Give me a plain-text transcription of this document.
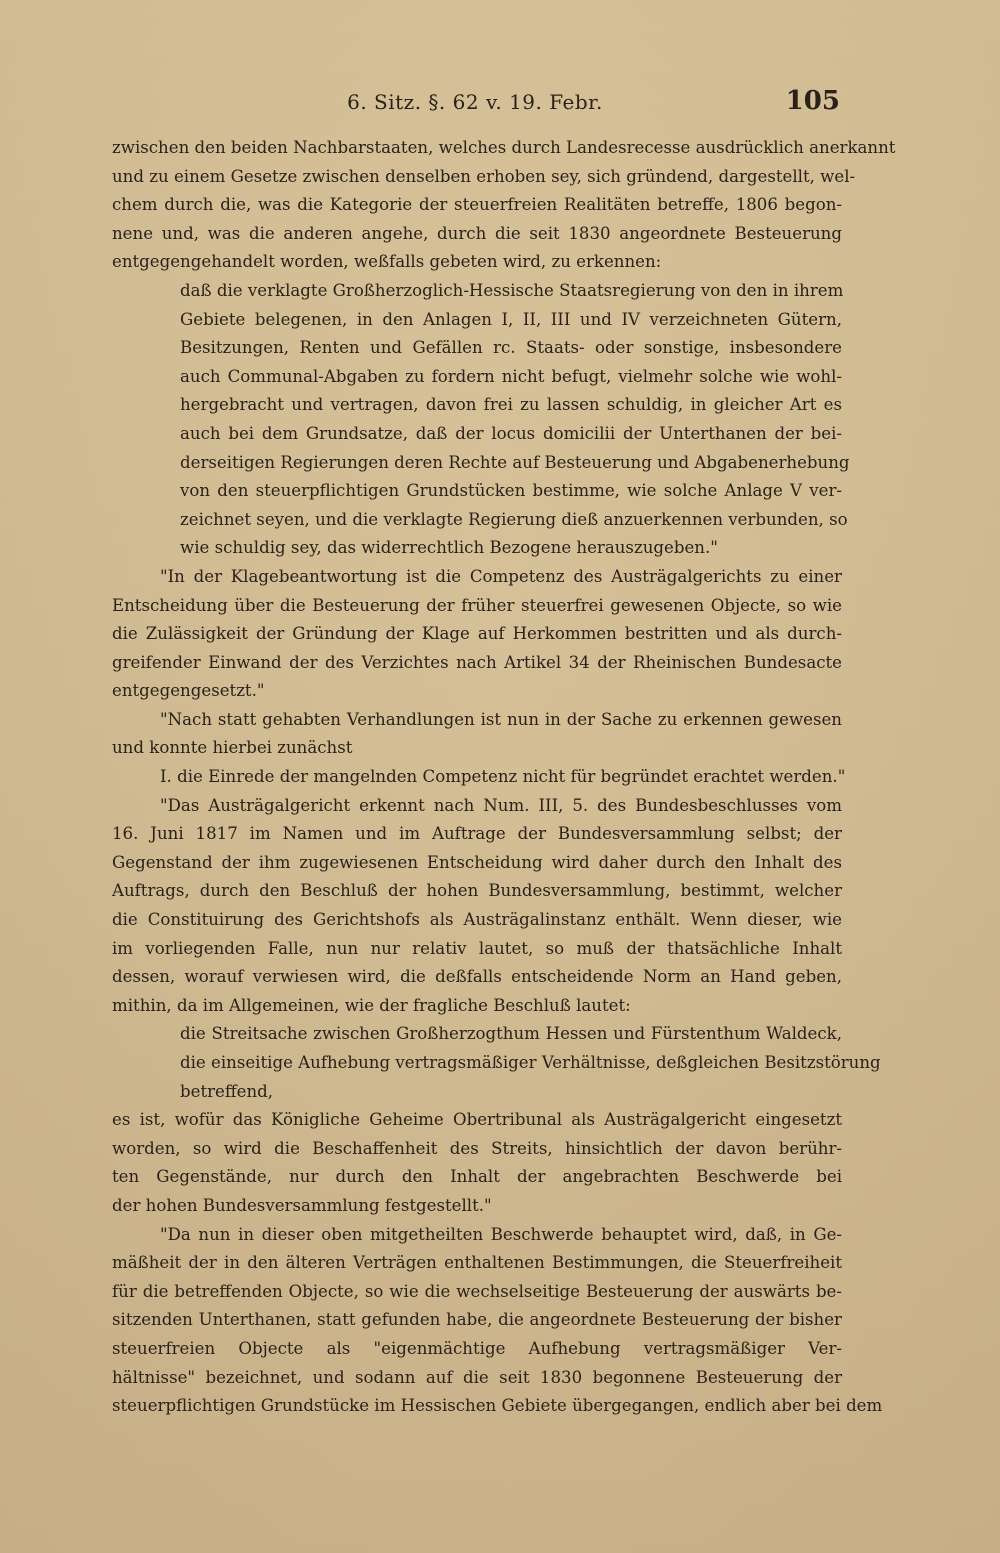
6. Sitz. §. 62 v. 19. Febr.	105
zwischen den beiden Nachbarstaaten, welches durch Landesrecesse ausdrücklich anerkannt
und zu einem Gesetze zwischen denselben erhoben sey, sich gründend, dargestellt, wel-
chem durch die, was die Kategorie der steuerfreien Realitäten betreffe, 1806 begon-
nene und, was die anderen angehe, durch die seit 1830 angeordnete Besteuerung
entgegengehandelt worden, weßfalls gebeten wird, zu erkennen:
daß die verklagte Großherzoglich-Hessische Staatsregierung von den in ihrem
Gebiete belegenen, in den Anlagen I, II, III und IV verzeichneten Gütern,
Besitzungen, Renten und Gefällen rc. Staats- oder sonstige, insbesondere
auch Communal-Abgaben zu fordern nicht befugt, vielmehr solche wie wohl-
hergebracht und vertragen, davon frei zu lassen schuldig, in gleicher Art es
auch bei dem Grundsatze, daß der locus domicilii der Unterthanen der bei-
derseitigen Regierungen deren Rechte auf Besteuerung und Abgabenerhebung
von den steuerpflichtigen Grundstücken bestimme, wie solche Anlage V ver-
zeichnet seyen, und die verklagte Regierung dieß anzuerkennen verbunden, so
wie schuldig sey, das widerrechtlich Bezogene herauszugeben."
"In der Klagebeantwortung ist die Competenz des Austrägalgerichts zu einer
Entscheidung über die Besteuerung der früher steuerfrei gewesenen Objecte, so wie
die Zulässigkeit der Gründung der Klage auf Herkommen bestritten und als durch-
greifender Einwand der des Verzichtes nach Artikel 34 der Rheinischen Bundesacte
entgegengesetzt."
"Nach statt gehabten Verhandlungen ist nun in der Sache zu erkennen gewesen
und konnte hierbei zunächst
I. die Einrede der mangelnden Competenz nicht für begründet erachtet werden."
"Das Austrägalgericht erkennt nach Num. III, 5. des Bundesbeschlusses vom
16. Juni 1817 im Namen und im Auftrage der Bundesversammlung selbst; der
Gegenstand der ihm zugewiesenen Entscheidung wird daher durch den Inhalt des
Auftrags, durch den Beschluß der hohen Bundesversammlung, bestimmt, welcher
die Constituirung des Gerichtshofs als Austrägalinstanz enthält. Wenn dieser, wie
im vorliegenden Falle, nun nur relativ lautet, so muß der thatsächliche Inhalt
dessen, worauf verwiesen wird, die deßfalls entscheidende Norm an Hand geben,
mithin, da im Allgemeinen, wie der fragliche Beschluß lautet:
die Streitsache zwischen Großherzogthum Hessen und Fürstenthum Waldeck,
die einseitige Aufhebung vertragsmäßiger Verhältnisse, deßgleichen Besitzstörung
betreffend,
es ist, wofür das Königliche Geheime Obertribunal als Austrägalgericht eingesetzt
worden, so wird die Beschaffenheit des Streits, hinsichtlich der davon berühr-
ten Gegenstände, nur durch den Inhalt der angebrachten Beschwerde bei
der hohen Bundesversammlung festgestellt."
"Da nun in dieser oben mitgetheilten Beschwerde behauptet wird, daß, in Ge-
mäßheit der in den älteren Verträgen enthaltenen Bestimmungen, die Steuerfreiheit
für die betreffenden Objecte, so wie die wechselseitige Besteuerung der auswärts be-
sitzenden Unterthanen, statt gefunden habe, die angeordnete Besteuerung der bisher
steuerfreien Objecte als "eigenmächtige Aufhebung vertragsmäßiger Ver-
hältnisse" bezeichnet, und sodann auf die seit 1830 begonnene Besteuerung der
steuerpflichtigen Grundstücke im Hessischen Gebiete übergegangen, endlich aber bei dem
